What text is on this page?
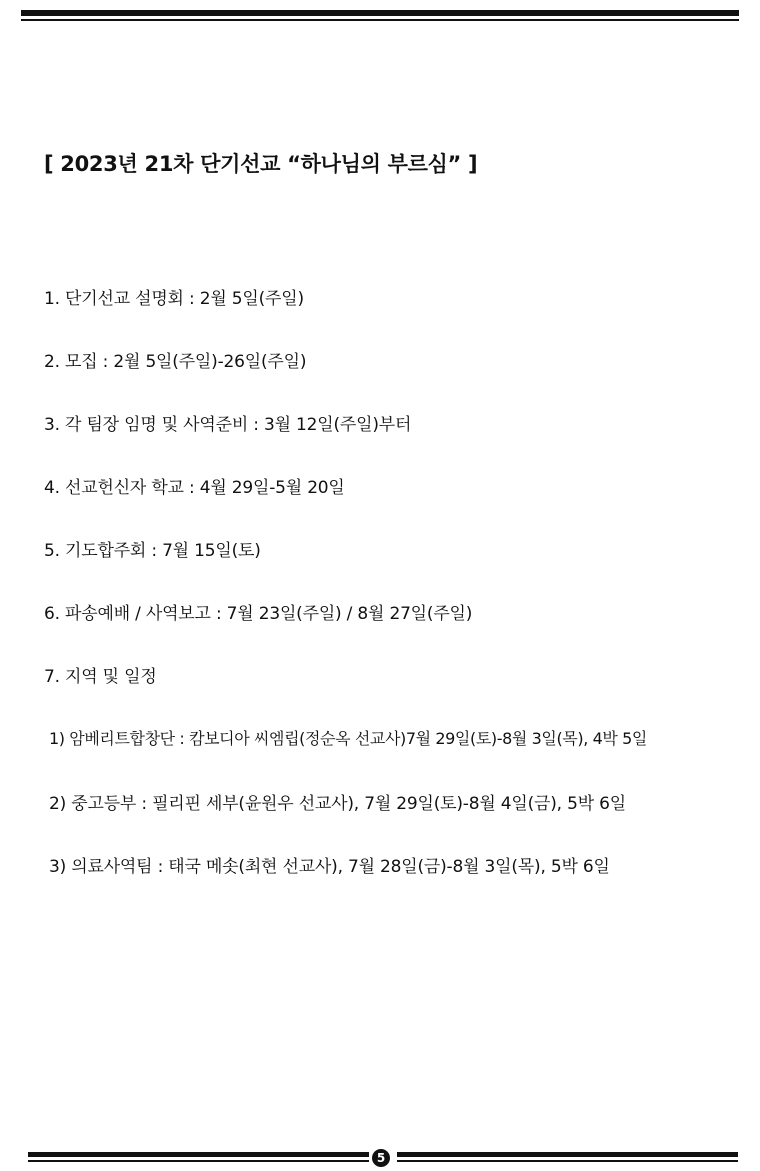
[ 2023년 21차 단기선교 “하나님의 부르심” ]
1. 단기선교 설명회 : 2월 5일(주일)
2. 모집 : 2월 5일(주일)-26일(주일)
3. 각 팀장 임명 및 사역준비 : 3월 12일(주일)부터
4. 선교헌신자 학교 : 4월 29일-5월 20일
5. 기도합주회 : 7월 15일(토)
6. 파송예배 / 사역보고 : 7월 23일(주일) / 8월 27일(주일)
7. 지역 및 일정
1) 암베리트합창단 : 캄보디아 씨엠립(정순옥 선교사)7월 29일(토)-8월 3일(목), 4박 5일
2) 중고등부 : 필리핀 세부(윤원우 선교사), 7월 29일(토)-8월 4일(금), 5박 6일
3) 의료사역팀 : 태국 메솟(최현 선교사), 7월 28일(금)-8월 3일(목), 5박 6일
5
